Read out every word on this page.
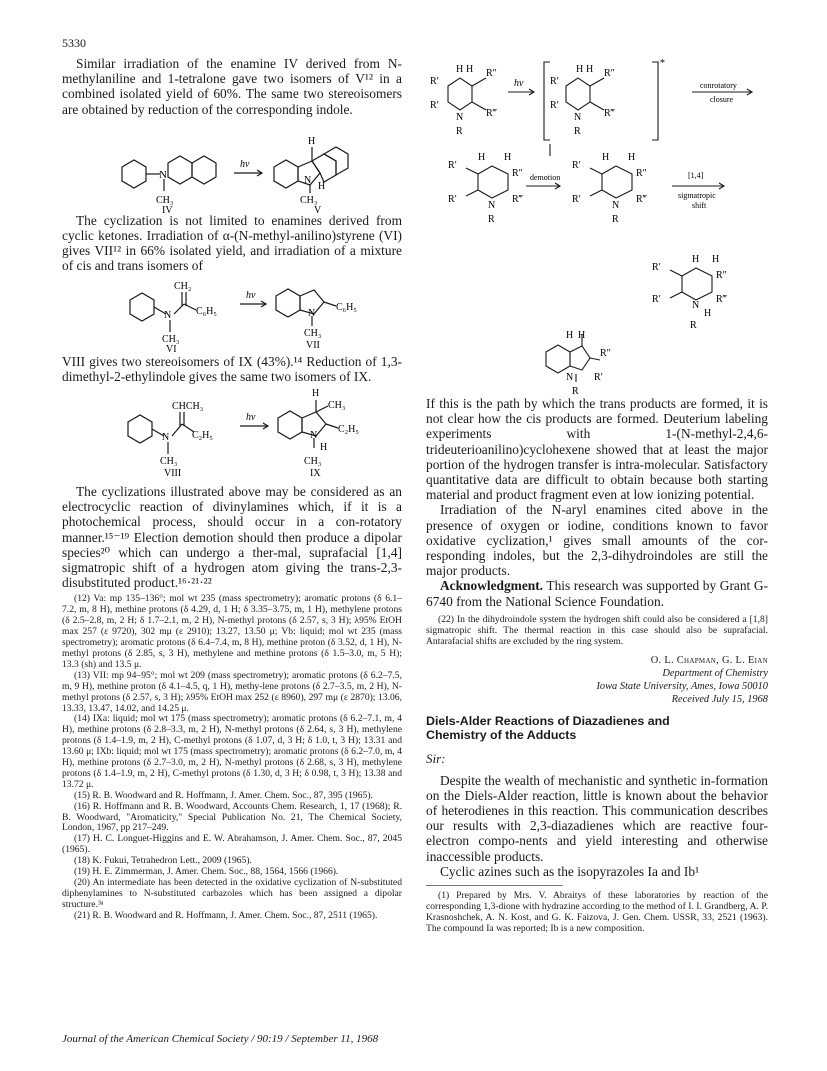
5330

Similar irradiation of the enamine IV derived from N-methylaniline and 1-tetralone gave two isomers of V¹² in a combined isolated yield of 60%. The same two stereoisomers are obtained by reduction of the corresponding indole.

N
CH₃
IV
hν
H
N
H
CH₃
V

The cyclization is not limited to enamines derived from cyclic ketones. Irradiation of α-(N-methyl-anilino)styrene (VI) gives VII¹² in 66% isolated yield, and irradiation of a mixture of cis and trans isomers of

CH₂
N C₆H₅
CH₃
VI
hν
N
C₆H₅
CH₃
VII

VIII gives two stereoisomers of IX (43%).¹⁴ Reduction of 1,3-dimethyl-2-ethylindole gives the same two isomers of IX.

CHCH₃
N C₂H₅
CH₃
VIII
hν
H
CH₃
N
C₂H₅
H
CH₃
IX

The cyclizations illustrated above may be considered as an electrocyclic reaction of divinylamines which, if it is a photochemical process, should occur in a con-rotatory manner.¹⁵⁻¹⁹ Election demotion should then produce a dipolar species²⁰ which can undergo a ther-mal, suprafacial [1,4] sigmatropic shift of a hydrogen atom giving the trans-2,3-disubstituted product.¹⁶·²¹·²²

(12) Va: mp 135–136°; mol wt 235 (mass spectrometry); aromatic protons (δ 6.1–7.2, m, 8 H), methine protons (δ 4.29, d, 1 H; δ 3.35–3.75, m, 1 H), methylene protons (δ 2.5–2.8, m, 2 H; δ 1.7–2.1, m, 2 H), N-methyl protons (δ 2.57, s, 3 H); λ95% EtOH max 257 (ε 9720), 302 mμ (ε 2910); 13.27, 13.50 μ; Vb: liquid; mol wt 235 (mass spectrometry); aromatic protons (δ 6.4–7.4, m, 8 H), methine proton (δ 3.52, d, 1 H), N-methyl protons (δ 2.85, s, 3 H), methylene and methine protons (δ 1.5–3.0, m, 5 H); 13.3 (sh) and 13.5 μ.

(13) VII: mp 94–95°; mol wt 209 (mass spectrometry); aromatic protons (δ 6.2–7.5, m, 9 H), methine proton (δ 4.1–4.5, q, 1 H), methy-lene protons (δ 2.7–3.5, m, 2 H), N-methyl protons (δ 2.57, s, 3 H); λ95% EtOH max 252 (ε 8960), 297 mμ (ε 2870); 13.06, 13.33, 13.47, 14.02, and 14.25 μ.

(14) IXa: liquid; mol wt 175 (mass spectrometry); aromatic protons (δ 6.2–7.1, m, 4 H), methine protons (δ 2.8–3.3, m, 2 H), N-methyl protons (δ 2.64, s, 3 H), methylene protons (δ 1.4–1.9, m, 2 H), C-methyl protons (δ 1.07, d, 3 H; δ 1.0, t, 3 H); 13.31 and 13.60 μ; IXb: liquid; mol wt 175 (mass spectrometry); aromatic protons (δ 6.2–7.0, m, 4 H), methine protons (δ 2.7–3.0, m, 2 H), N-methyl protons (δ 2.68, s, 3 H), methylene protons (δ 1.4–1.9, m, 2 H), C-methyl protons (δ 1.30, d, 3 H; δ 0.98, t, 3 H); 13.38 and 13.72 μ.

(15) R. B. Woodward and R. Hoffmann, J. Amer. Chem. Soc., 87, 395 (1965).

(16) R. Hoffmann and R. B. Woodward, Accounts Chem. Research, 1, 17 (1968); R. B. Woodward, "Aromaticity," Special Publication No. 21, The Chemical Society, London, 1967, pp 217–249.

(17) H. C. Longuet-Higgins and E. W. Abrahamson, J. Amer. Chem. Soc., 87, 2045 (1965).

(18) K. Fukui, Tetrahedron Lett., 2009 (1965).

(19) H. E. Zimmerman, J. Amer. Chem. Soc., 88, 1564, 1566 (1966).

(20) An intermediate has been detected in the oxidative cyclization of N-substituted diphenylamines to N-substituted carbazoles which has been assigned a dipolar structure.³ᵃ

(21) R. B. Woodward and R. Hoffmann, J. Amer. Chem. Soc., 87, 2511 (1965).

R′
H H R″
R′
N R‴
R
hν	R′
H H R″
R′
N R‴
R
*
conrotatory
closure
H H
R′
R″
R′
N
R‴
R
demotion
H H
R′
R″
R′
N
R‴
R
[1,4]
sigmatropic
shift
H H
R′
R″
R′
N
R‴
H
R
H H
R″
N R′
R

If this is the path by which the trans products are formed, it is not clear how the cis products are formed. Deuterium labeling experiments with 1-(N-methyl-2,4,6-trideuterioanilino)cyclohexene showed that at least the major portion of the hydrogen transfer is intra-molecular. Satisfactory quantitative data are difficult to obtain because both starting material and product fragment even at low ionizing potential.

Irradiation of the N-aryl enamines cited above in the presence of oxygen or iodine, conditions known to favor oxidative cyclization,¹ gives small amounts of the cor-responding indoles, but the 2,3-dihydroindoles are still the major products.

Acknowledgment. This research was supported by Grant G-6740 from the National Science Foundation.

(22) In the dihydroindole system the hydrogen shift could also be considered a [1,8] sigmatropic shift. The thermal reaction in this case should also be suprafacial. Antarafacial shifts are excluded by the ring system.

O. L. Chapman, G. L. Eian
Department of Chemistry
Iowa State University, Ames, Iowa 50010
Received July 15, 1968

Diels-Alder Reactions of Diazadienes and

Chemistry of the Adducts

Sir:

Despite the wealth of mechanistic and synthetic in-formation on the Diels-Alder reaction, little is known about the behavior of heterodienes in this reaction. This communication describes our results with 2,3-diazadienes which are reactive four-electron compo-nents and yield interesting and otherwise inaccessible products.

Cyclic azines such as the isopyrazoles Ia and Ib¹

(1) Prepared by Mrs. V. Abraitys of these laboratories by reaction of the corresponding 1,3-dione with hydrazine according to the method of I. I. Grandberg, A. P. Krasnoshchek, A. N. Kost, and G. K. Faizova, J. Gen. Chem. USSR, 33, 2521 (1963). The compound Ia was reported; Ib is a new composition.

Journal of the American Chemical Society / 90:19 / September 11, 1968
